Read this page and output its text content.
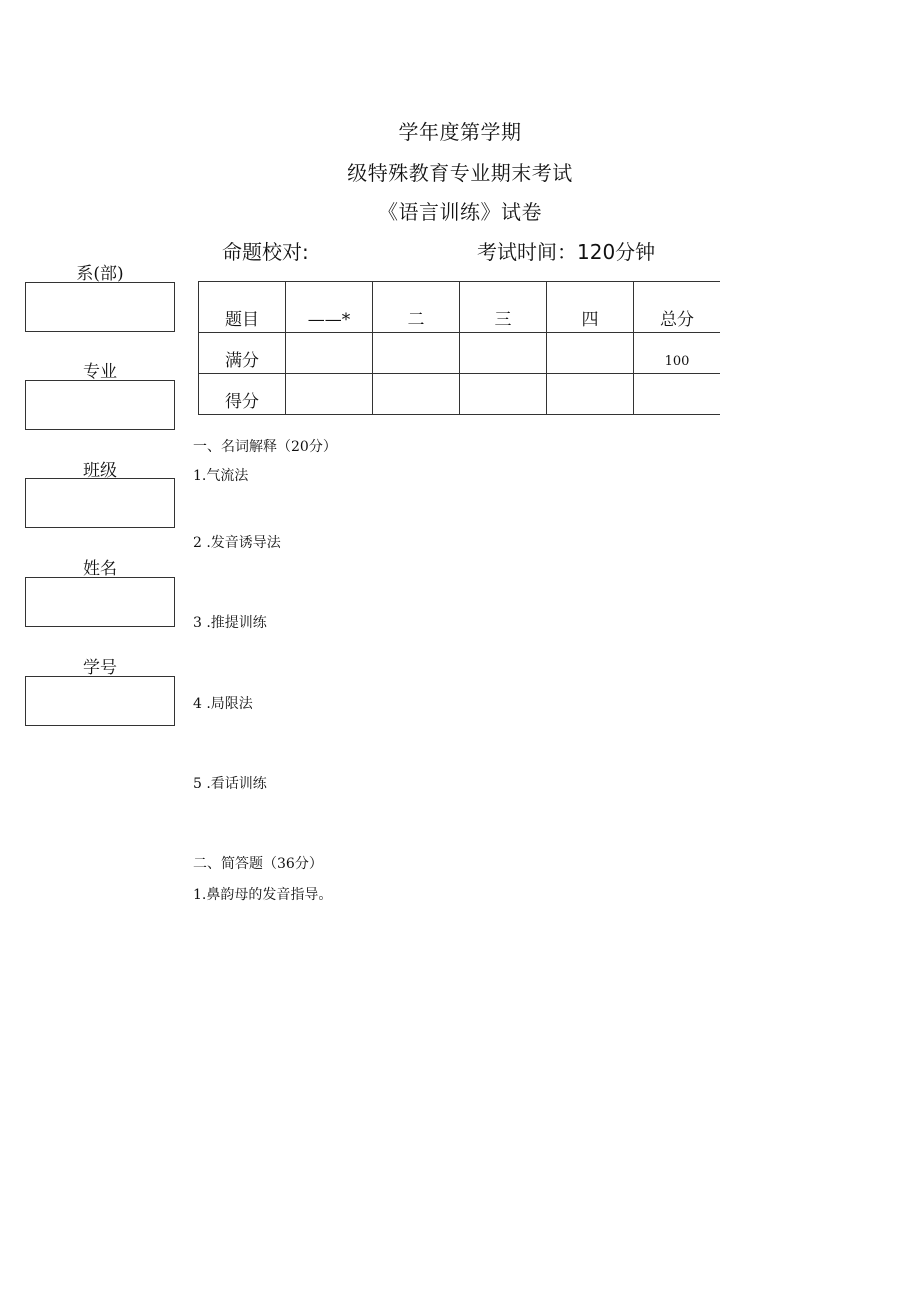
学年度第学期
级特殊教育专业期末考试
《语言训练》试卷
命题校对:	考试时间：120分钟
系(部)
专业
班级
姓名
学号
题目	——*	二	三	四	总分
满分					100
得分					
一、名词解释（20分）
1.气流法
2 .发音诱导法
3 .推提训练
4 .局限法
5 .看话训练
二、简答题（36分）
1.鼻韵母的发音指导。
